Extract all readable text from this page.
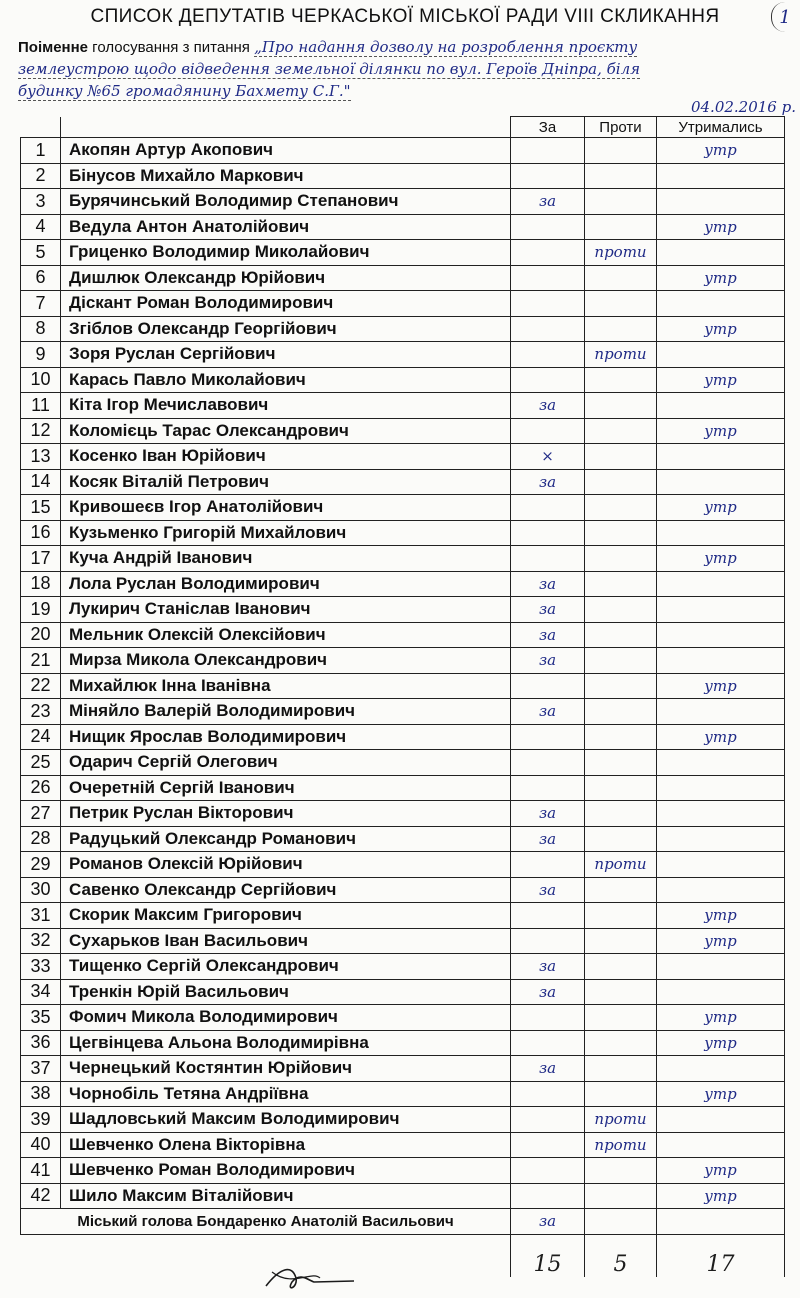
СПИСОК ДЕПУТАТІВ ЧЕРКАСЬКОЇ МІСЬКОЇ РАДИ VIII СКЛИКАННЯ	1
Поіменне голосування з питання „Про надання дозволу на розроблення проєкту
землеустрою щодо відведення земельної ділянки по вул. Героїв Дніпра, біля
будинку №65 громадянину Бахмету С.Г."
04.02.2016 р.
		За	Проти	Утримались
1	Акопян Артур Акопович			утр
2	Бінусов Михайло Маркович			
3	Бурячинський Володимир Степанович	за		
4	Ведула Антон Анатолійович			утр
5	Гриценко Володимир Миколайович		проти	
6	Дишлюк Олександр Юрійович			утр
7	Діскант Роман Володимирович			
8	Згіблов Олександр Георгійович			утр
9	Зоря Руслан Сергійович		проти	
10	Карась Павло Миколайович			утр
11	Кіта Ігор Мечиславович	за		
12	Коломієць Тарас Олександрович			утр
13	Косенко Іван Юрійович	×		
14	Косяк Віталій Петрович	за		
15	Кривошеєв Ігор Анатолійович			утр
16	Кузьменко Григорій Михайлович			
17	Куча Андрій Іванович			утр
18	Лола Руслан Володимирович	за		
19	Лукирич Станіслав Іванович	за		
20	Мельник Олексій Олексійович	за		
21	Мирза Микола Олександрович	за		
22	Михайлюк Інна Іванівна			утр
23	Міняйло Валерій Володимирович	за		
24	Нищик Ярослав Володимирович			утр
25	Одарич Сергій Олегович			
26	Очеретній Сергій Іванович			
27	Петрик Руслан Вікторович	за		
28	Радуцький Олександр Романович	за		
29	Романов Олексій Юрійович		проти	
30	Савенко Олександр Сергійович	за		
31	Скорик Максим Григорович			утр
32	Сухарьков Іван Васильович			утр
33	Тищенко Сергій Олександрович	за		
34	Тренкін Юрій Васильович	за		
35	Фомич Микола Володимирович			утр
36	Цегвінцева Альона Володимирівна			утр
37	Чернецький Костянтин Юрійович	за		
38	Чорнобіль Тетяна Андріївна			утр
39	Шадловський Максим Володимирович		проти	
40	Шевченко Олена Вікторівна		проти	
41	Шевченко Роман Володимирович			утр
42	Шило Максим Віталійович			утр
Міський голова Бондаренко Анатолій Васильович		за		

		15	5	17
